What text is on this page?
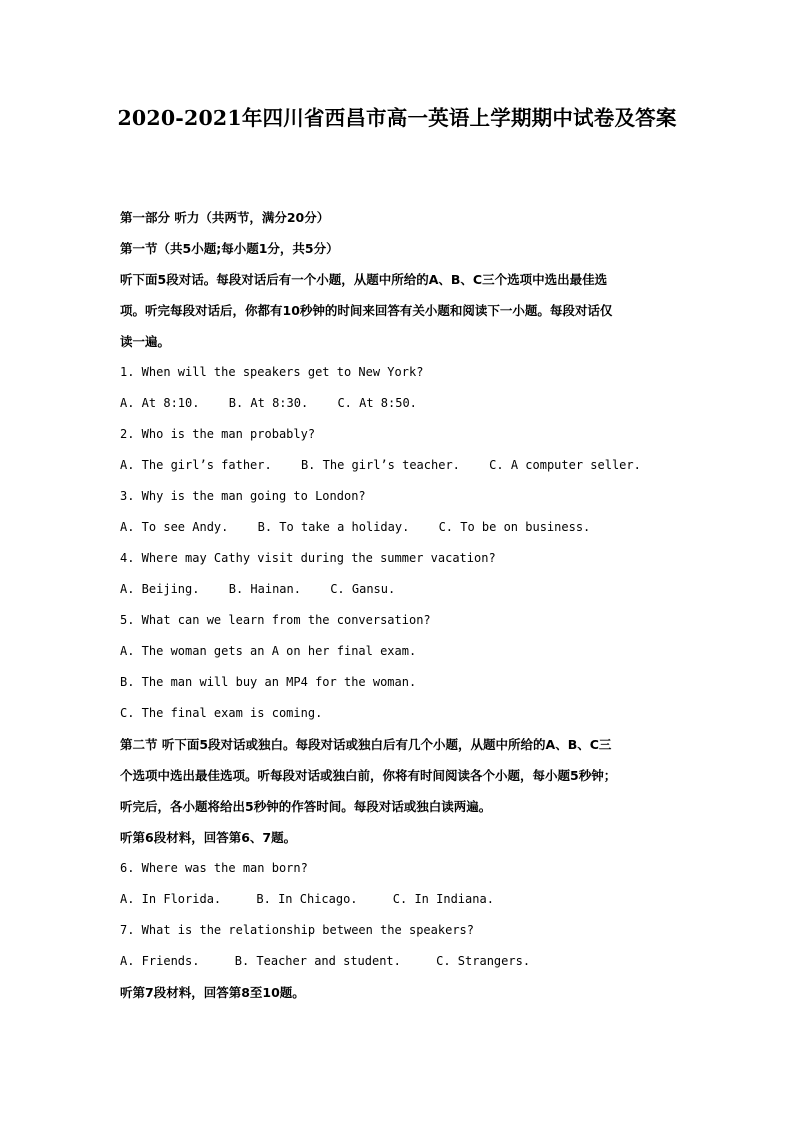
2020-2021年四川省西昌市高一英语上学期期中试卷及答案
第一部分 听力（共两节，满分20分）
第一节（共5小题;每小题1分，共5分）
听下面5段对话。每段对话后有一个小题，从题中所给的A、B、C三个选项中选出最佳选
项。听完每段对话后，你都有10秒钟的时间来回答有关小题和阅读下一小题。每段对话仅
读一遍。
1. When will the speakers get to New York?
A. At 8:10. B. At 8:30. C. At 8:50.
2. Who is the man probably?
A. The girl’s father. B. The girl’s teacher. C. A computer seller.
3. Why is the man going to London?
A. To see Andy. B. To take a holiday. C. To be on business.
4. Where may Cathy visit during the summer vacation?
A. Beijing. B. Hainan. C. Gansu.
5. What can we learn from the conversation?
A. The woman gets an A on her final exam.
B. The man will buy an MP4 for the woman.
C. The final exam is coming.
第二节 听下面5段对话或独白。每段对话或独白后有几个小题，从题中所给的A、B、C三
个选项中选出最佳选项。听每段对话或独白前，你将有时间阅读各个小题，每小题5秒钟；
听完后，各小题将给出5秒钟的作答时间。每段对话或独白读两遍。
听第6段材料，回答第6、7题。
6. Where was the man born?
A. In Florida.	B. In Chicago.	C. In Indiana.
7. What is the relationship between the speakers?
A. Friends.	B. Teacher and student.	C. Strangers.
听第7段材料，回答第8至10题。
